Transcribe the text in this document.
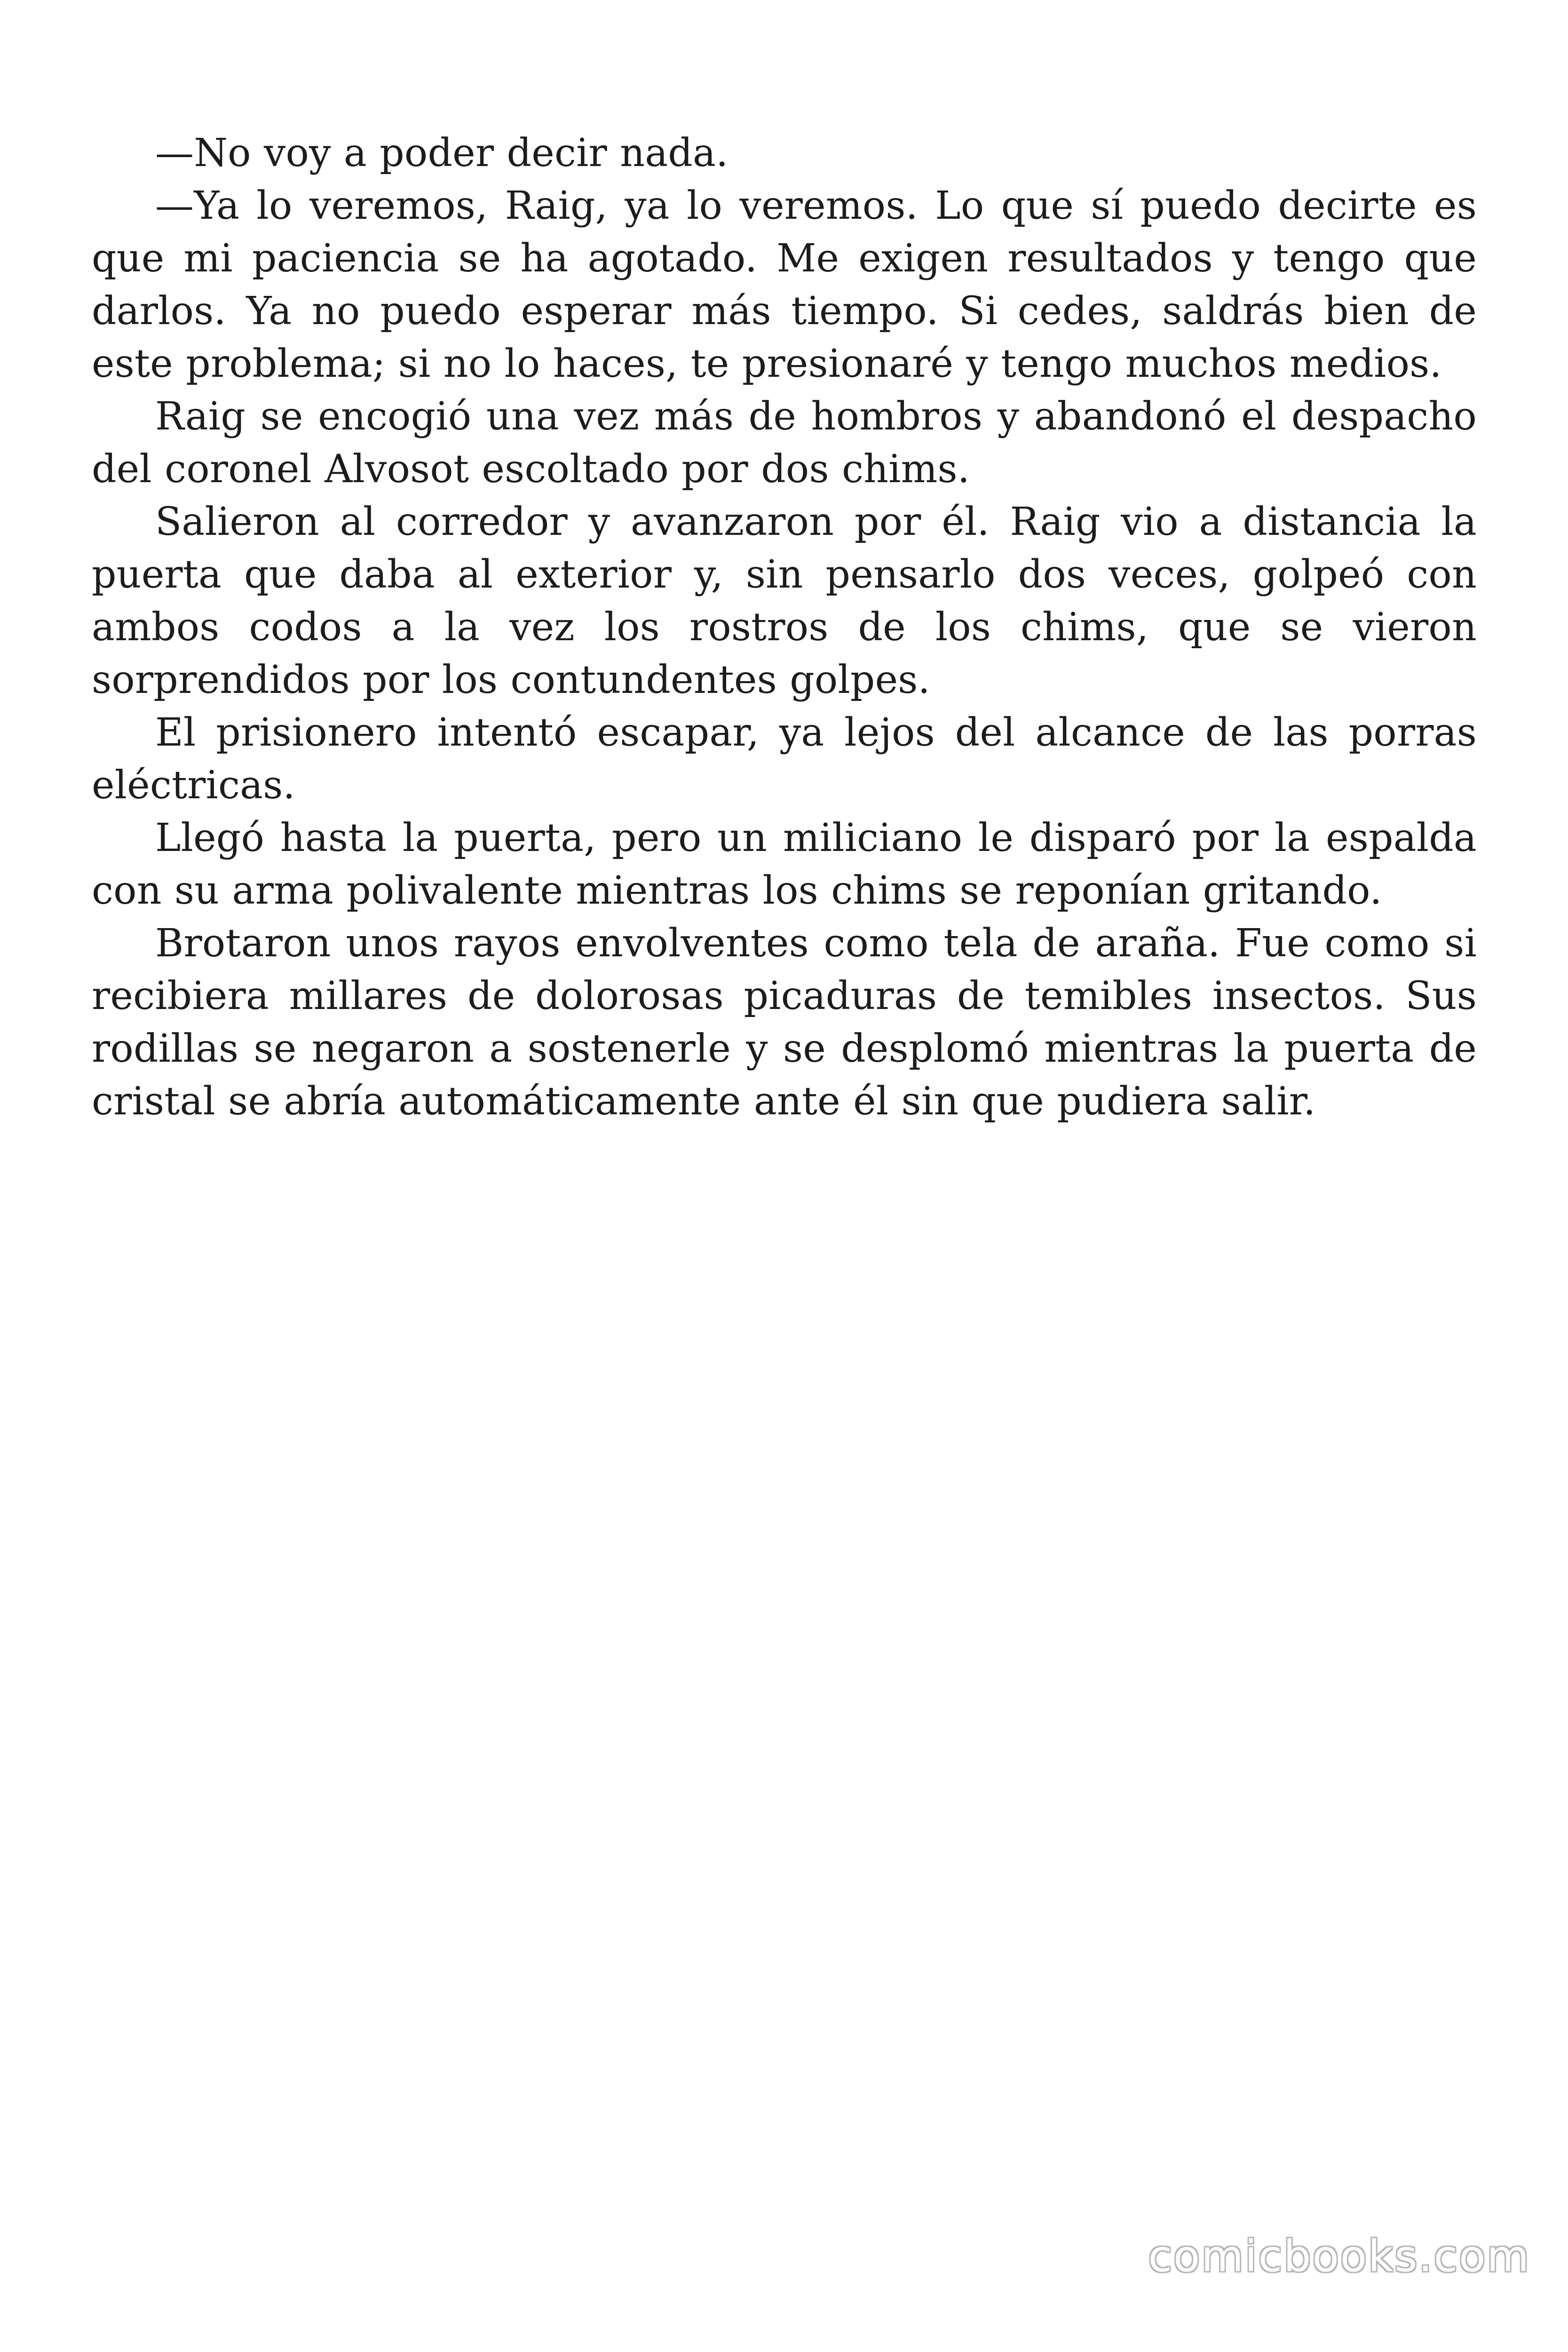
—No voy a poder decir nada.

—Ya lo veremos, Raig, ya lo veremos. Lo que sí puedo decirte es que mi paciencia se ha agotado. Me exigen resultados y tengo que darlos. Ya no puedo esperar más tiempo. Si cedes, saldrás bien de este problema; si no lo haces, te presionaré y tengo muchos medios.

Raig se encogió una vez más de hombros y abandonó el despacho del coronel Alvosot escoltado por dos chims.

Salieron al corredor y avanzaron por él. Raig vio a distancia la puerta que daba al exterior y, sin pensarlo dos veces, golpeó con ambos codos a la vez los rostros de los chims, que se vieron sorprendidos por los contundentes golpes.

El prisionero intentó escapar, ya lejos del alcance de las porras eléctricas.

Llegó hasta la puerta, pero un miliciano le disparó por la espalda con su arma polivalente mientras los chims se reponían gritando.

Brotaron unos rayos envolventes como tela de araña. Fue como si recibiera millares de dolorosas picaduras de temibles insectos. Sus rodillas se negaron a sostenerle y se desplomó mientras la puerta de cristal se abría automáticamente ante él sin que pudiera salir.

comicbooks.com
